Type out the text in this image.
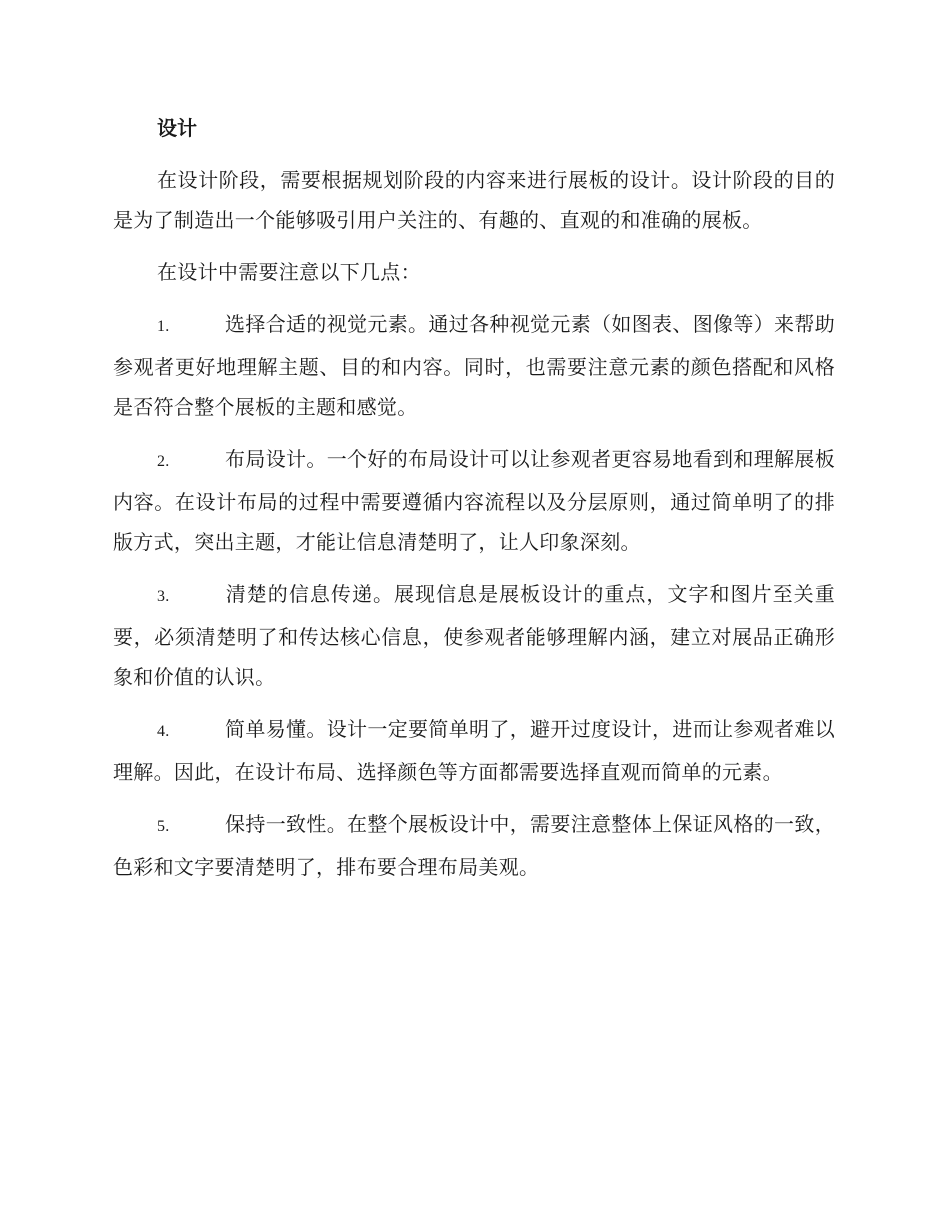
设计

在设计阶段，需要根据规划阶段的内容来进行展板的设计。设计阶段的目的是为了制造出一个能够吸引用户关注的、有趣的、直观的和准确的展板。

在设计中需要注意以下几点：

1.	选择合适的视觉元素。通过各种视觉元素（如图表、图像等）来帮助参观者更好地理解主题、目的和内容。同时，也需要注意元素的颜色搭配和风格是否符合整个展板的主题和感觉。

2.	布局设计。一个好的布局设计可以让参观者更容易地看到和理解展板内容。在设计布局的过程中需要遵循内容流程以及分层原则，通过简单明了的排版方式，突出主题，才能让信息清楚明了，让人印象深刻。

3.	清楚的信息传递。展现信息是展板设计的重点，文字和图片至关重要，必须清楚明了和传达核心信息，使参观者能够理解内涵，建立对展品正确形象和价值的认识。

4.	简单易懂。设计一定要简单明了，避开过度设计，进而让参观者难以理解。因此，在设计布局、选择颜色等方面都需要选择直观而简单的元素。

5.	保持一致性。在整个展板设计中，需要注意整体上保证风格的一致，色彩和文字要清楚明了，排布要合理布局美观。
